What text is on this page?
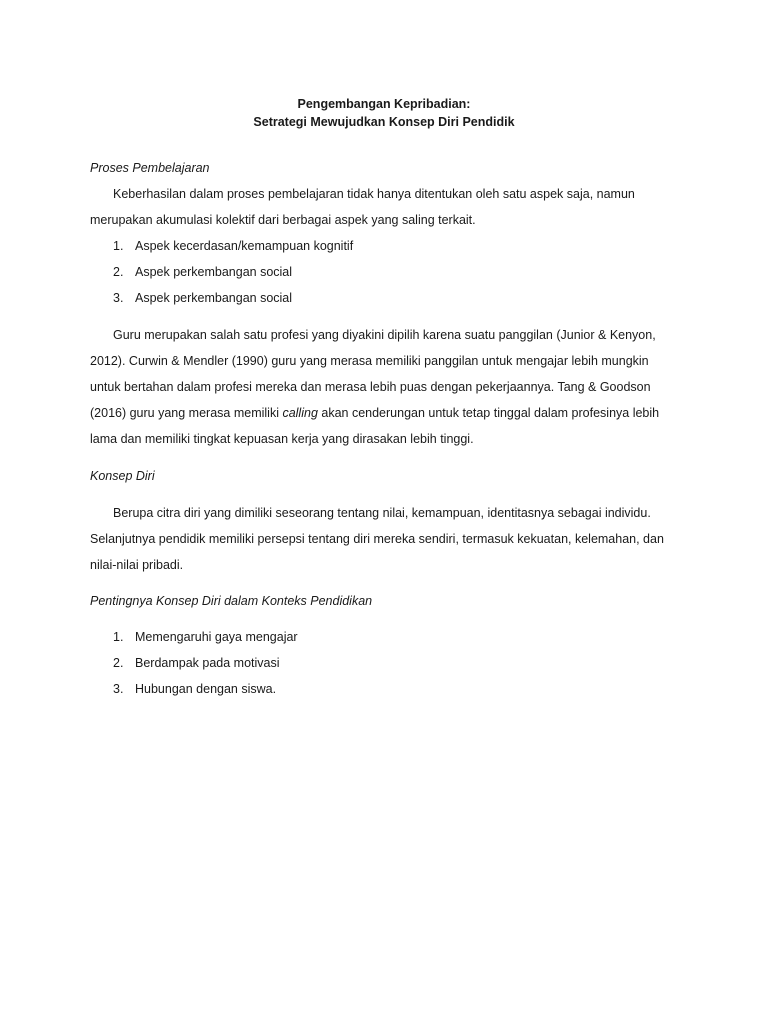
Pengembangan Kepribadian:
Setrategi Mewujudkan Konsep Diri Pendidik
Proses Pembelajaran
Keberhasilan dalam proses pembelajaran tidak hanya ditentukan oleh satu aspek saja, namun
merupakan akumulasi kolektif dari berbagai aspek yang saling terkait.
1. Aspek kecerdasan/kemampuan kognitif
2. Aspek perkembangan social
3. Aspek perkembangan social
Guru merupakan salah satu profesi yang diyakini dipilih karena suatu panggilan (Junior & Kenyon,
2012). Curwin & Mendler (1990) guru yang merasa memiliki panggilan untuk mengajar lebih mungkin
untuk bertahan dalam profesi mereka dan merasa lebih puas dengan pekerjaannya. Tang & Goodson
(2016) guru yang merasa memiliki calling akan cenderungan untuk tetap tinggal dalam profesinya lebih
lama dan memiliki tingkat kepuasan kerja yang dirasakan lebih tinggi.
Konsep Diri
Berupa citra diri yang dimiliki seseorang tentang nilai, kemampuan, identitasnya sebagai individu.
Selanjutnya pendidik memiliki persepsi tentang diri mereka sendiri, termasuk kekuatan, kelemahan, dan
nilai-nilai pribadi.
Pentingnya Konsep Diri dalam Konteks Pendidikan
1. Memengaruhi gaya mengajar
2. Berdampak pada motivasi
3. Hubungan dengan siswa.
